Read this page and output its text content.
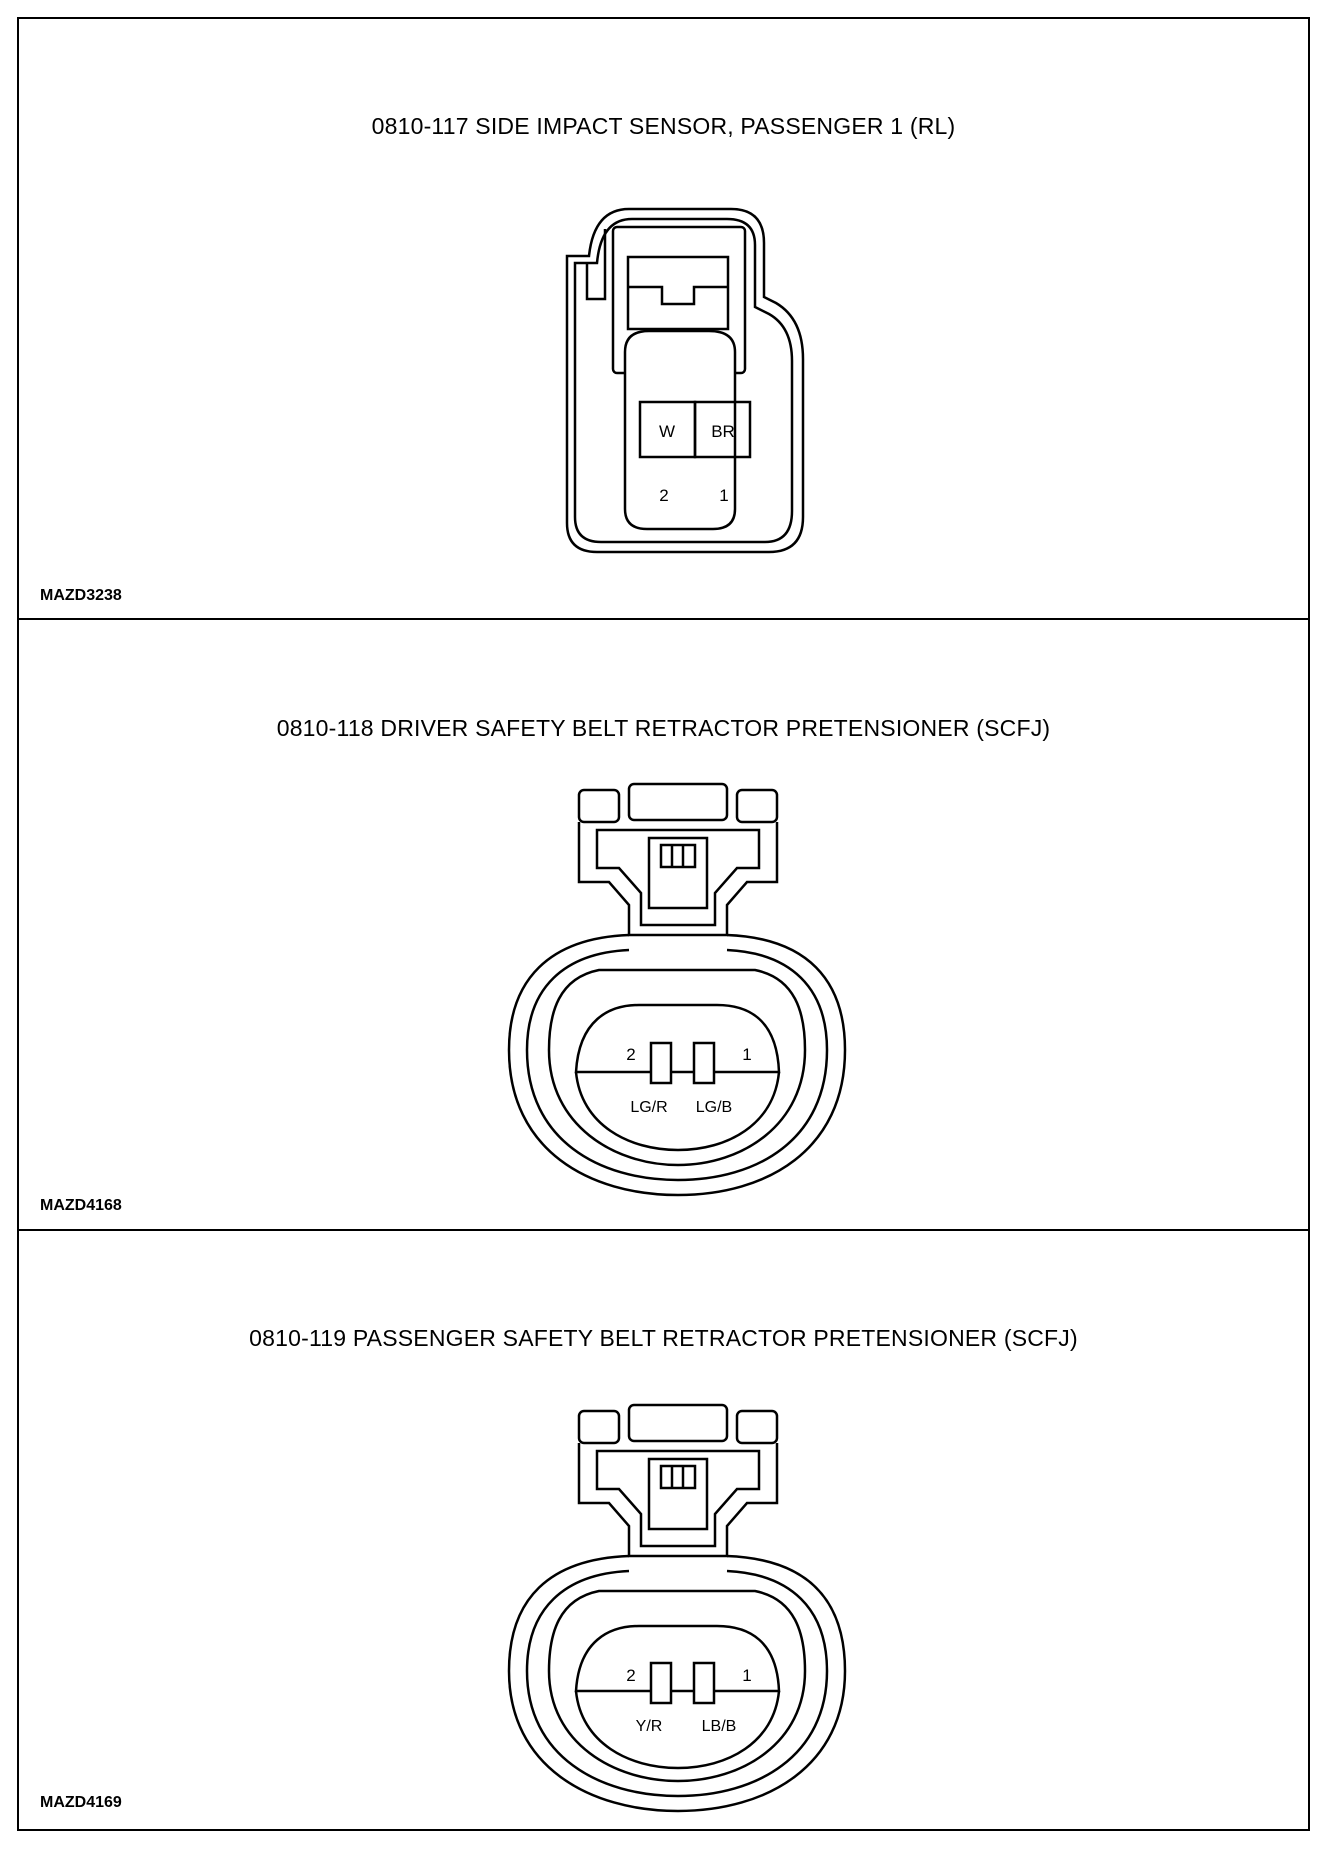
0810-117 SIDE IMPACT SENSOR, PASSENGER 1 (RL)
W BR
2	1
MAZD3238
0810-118 DRIVER SAFETY BELT RETRACTOR PRETENSIONER (SCFJ)
2	1
LG/R LG/B
MAZD4168
0810-119 PASSENGER SAFETY BELT RETRACTOR PRETENSIONER (SCFJ)
2	1
Y/R LB/B
MAZD4169
